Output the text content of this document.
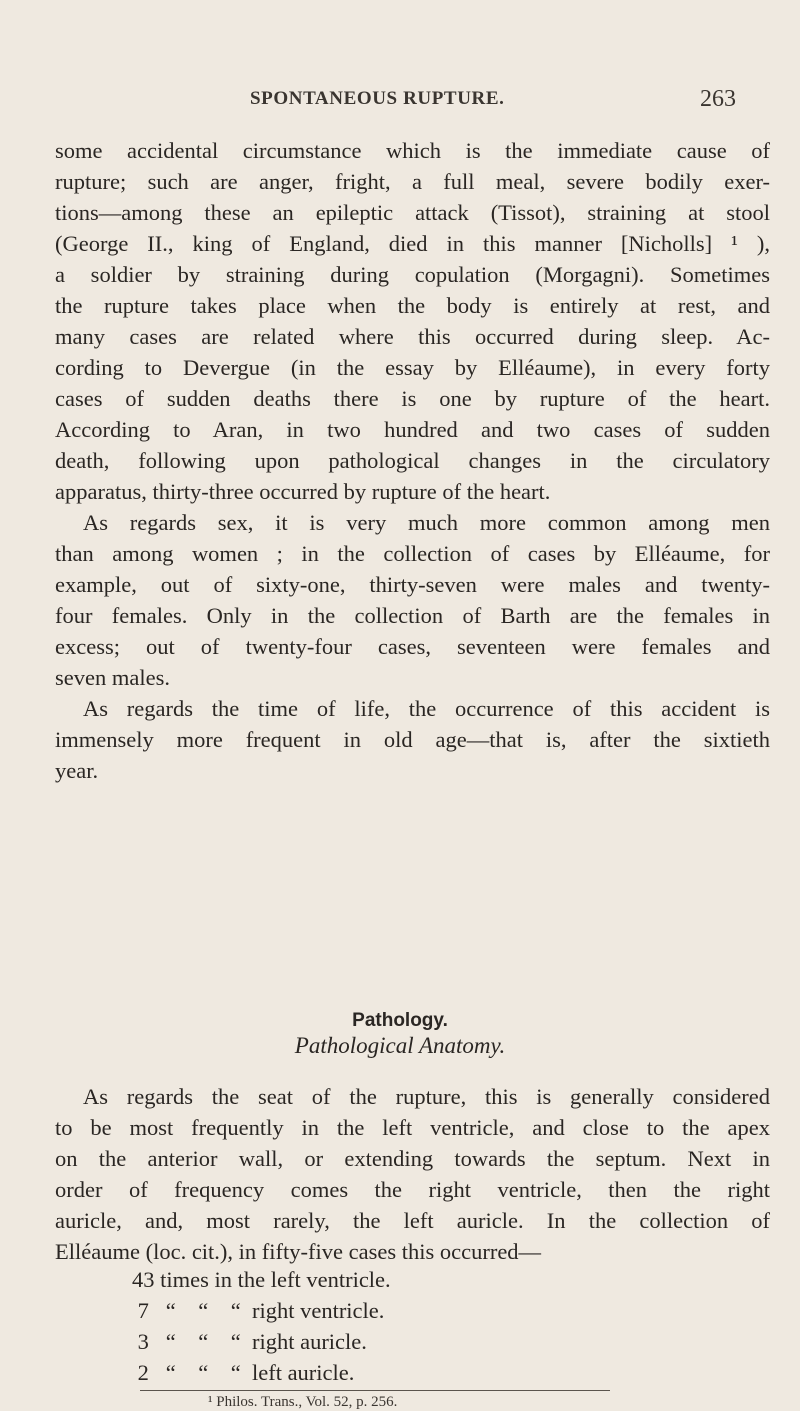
SPONTANEOUS RUPTURE.	263
some accidental circumstance which is the immediate cause of
rupture; such are anger, fright, a full meal, severe bodily exer-
tions—among these an epileptic attack (Tissot), straining at stool
(George II., king of England, died in this manner [Nicholls] ¹ ),
a soldier by straining during copulation (Morgagni). Sometimes
the rupture takes place when the body is entirely at rest, and
many cases are related where this occurred during sleep. Ac-
cording to Devergue (in the essay by Elléaume), in every forty
cases of sudden deaths there is one by rupture of the heart.
According to Aran, in two hundred and two cases of sudden
death, following upon pathological changes in the circulatory
apparatus, thirty-three occurred by rupture of the heart.
As regards sex, it is very much more common among men
than among women ; in the collection of cases by Elléaume, for
example, out of sixty-one, thirty-seven were males and twenty-
four females. Only in the collection of Barth are the females in
excess; out of twenty-four cases, seventeen were females and
seven males.
As regards the time of life, the occurrence of this accident is
immensely more frequent in old age—that is, after the sixtieth
year.
Pathology.
Pathological Anatomy.
As regards the seat of the rupture, this is generally considered
to be most frequently in the left ventricle, and close to the apex
on the anterior wall, or extending towards the septum. Next in
order of frequency comes the right ventricle, then the right
auricle, and, most rarely, the left auricle. In the collection of
Elléaume (loc. cit.), in fifty-five cases this occurred—
43 times in the left ventricle.
7   “    “    “  right ventricle.
3   “    “    “  right auricle.
2   “    “    “  left auricle.
¹ Philos. Trans., Vol. 52, p. 256.
